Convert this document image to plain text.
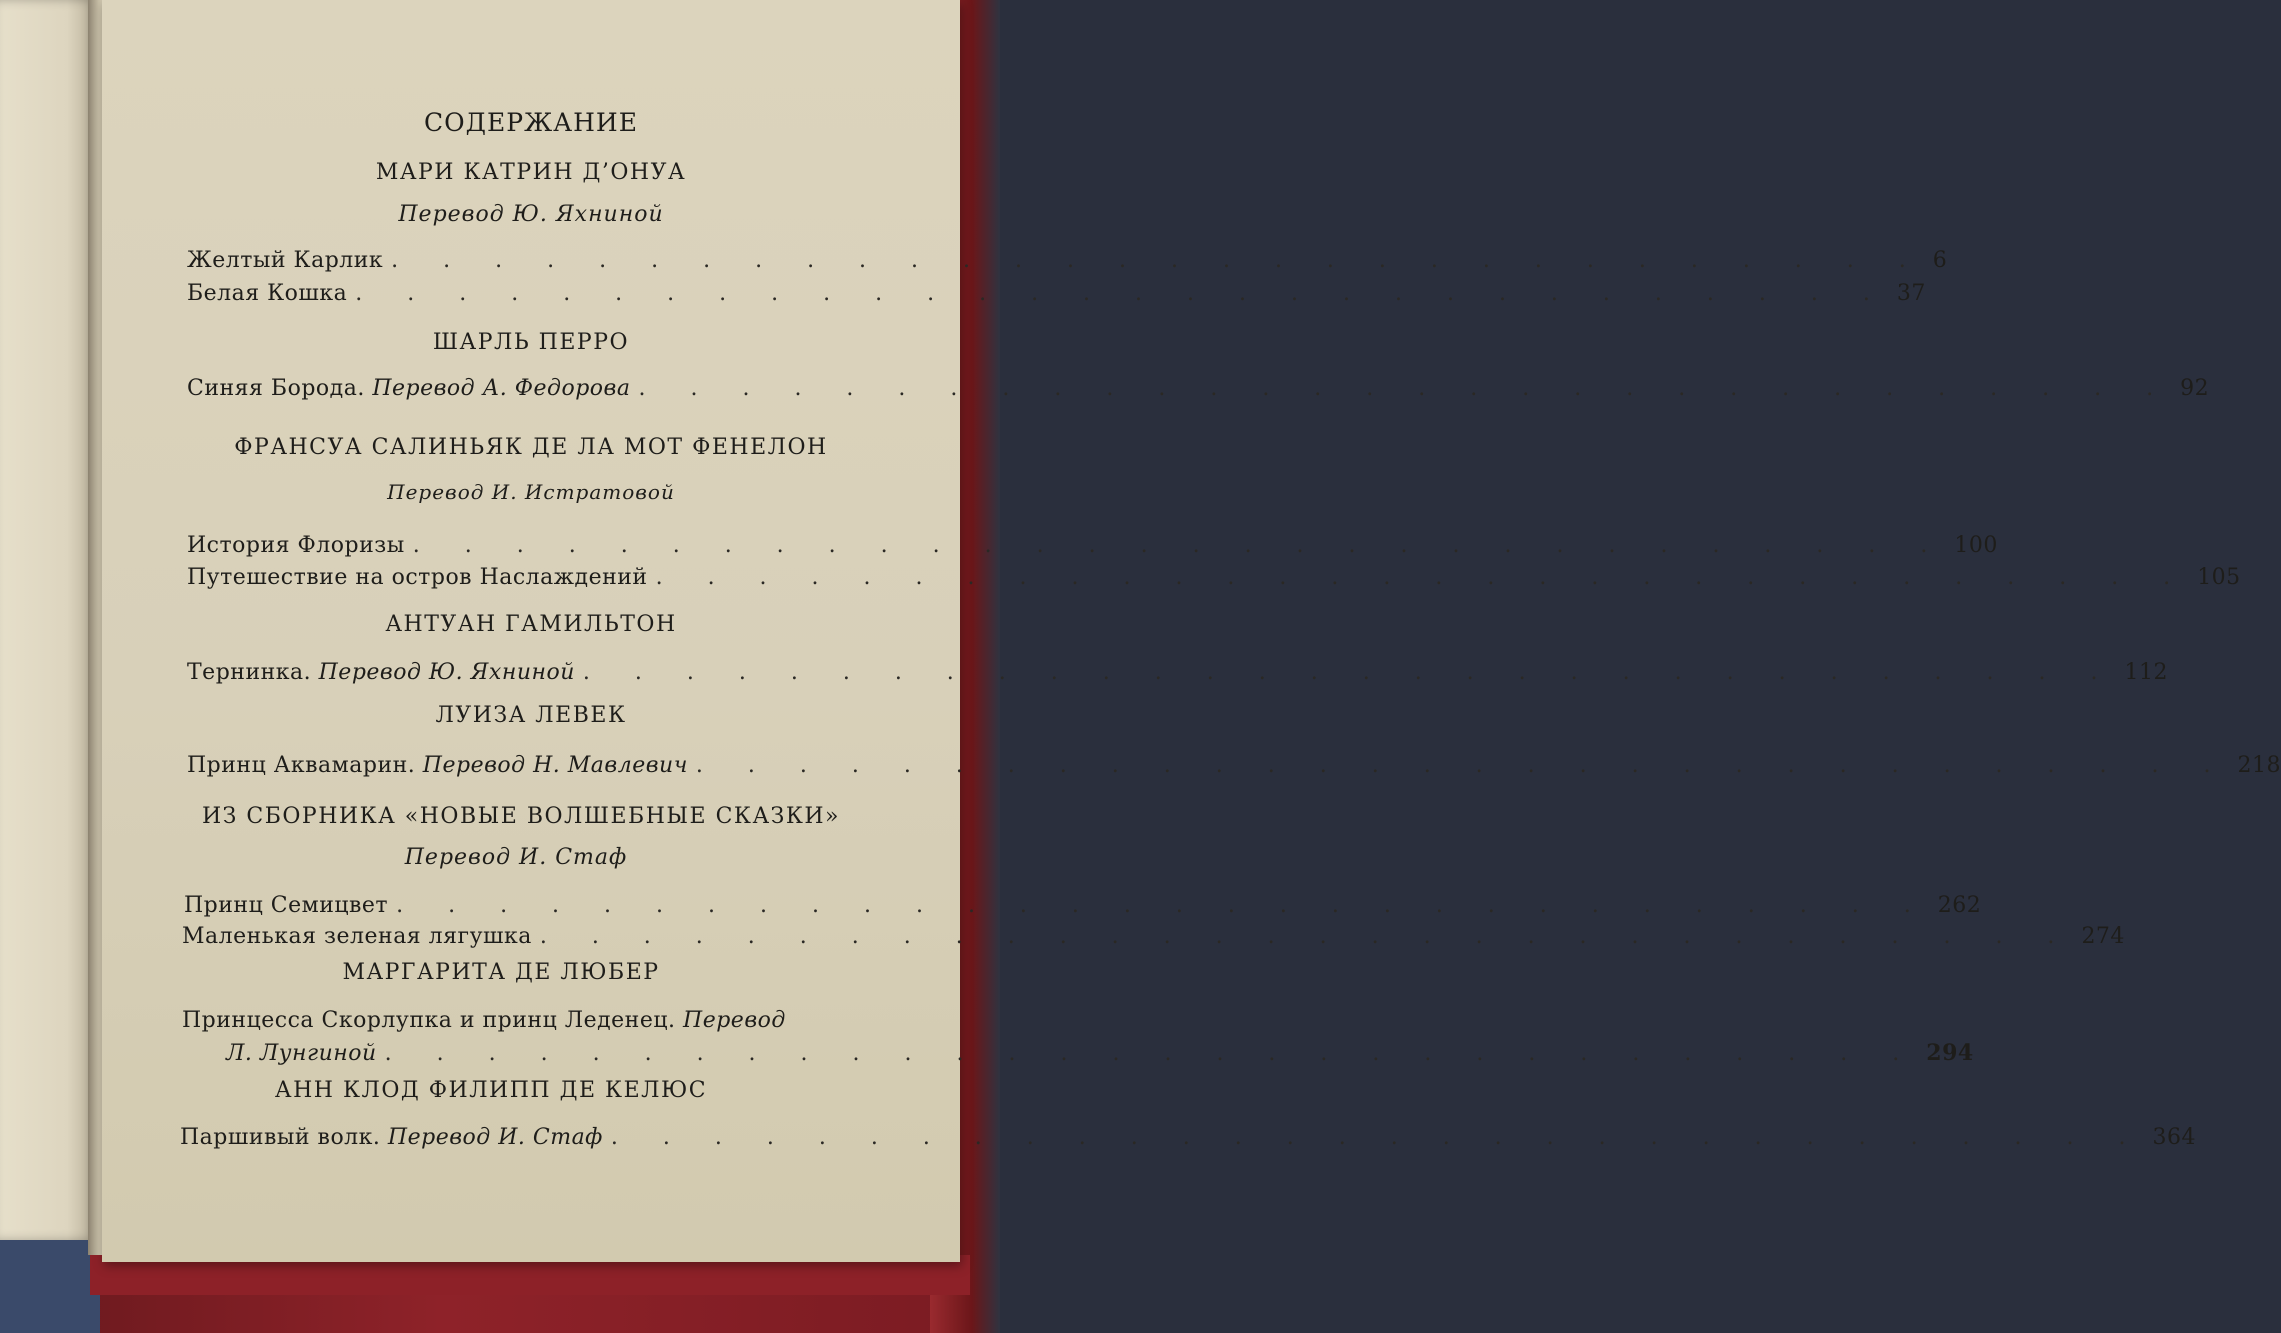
СОДЕРЖАНИЕ
МАРИ КАТРИН Д’ОНУА
Перевод Ю. Яхниной
Желтый Карлик . . . . . . . . . . . . . . . . . . . . . . . . . . . . . . 6
Белая Кошка . . . . . . . . . . . . . . . . . . . . . . . . . . . . . . 37
ШАРЛЬ ПЕРРО
Синяя Борода. Перевод А. Федорова . . . . . . . . . . . . . . . . . . . . . . . . . . . . . . 92
ФРАНСУА САЛИНЬЯК ДЕ ЛА МОТ ФЕНЕЛОН
Перевод И. Истратовой
История Флоризы . . . . . . . . . . . . . . . . . . . . . . . . . . . . . . 100
Путешествие на остров Наслаждений . . . . . . . . . . . . . . . . . . . . . . . . . . . . . . 105
АНТУАН ГАМИЛЬТОН
Тернинка. Перевод Ю. Яхниной . . . . . . . . . . . . . . . . . . . . . . . . . . . . . . 112
ЛУИЗА ЛЕВЕК
Принц Аквамарин. Перевод Н. Мавлевич . . . . . . . . . . . . . . . . . . . . . . . . . . . . . . 218
ИЗ СБОРНИКА «НОВЫЕ ВОЛШЕБНЫЕ СКАЗКИ»
Перевод И. Стаф
Принц Семицвет . . . . . . . . . . . . . . . . . . . . . . . . . . . . . . 262
Маленькая зеленая лягушка . . . . . . . . . . . . . . . . . . . . . . . . . . . . . . 274
МАРГАРИТА ДЕ ЛЮБЕР
Принцесса Скорлупка и принц Леденец. Перевод
Л. Лунгиной . . . . . . . . . . . . . . . . . . . . . . . . . . . . . . 294
АНН КЛОД ФИЛИПП ДЕ КЕЛЮС
Паршивый волк. Перевод И. Стаф . . . . . . . . . . . . . . . . . . . . . . . . . . . . . . 364
